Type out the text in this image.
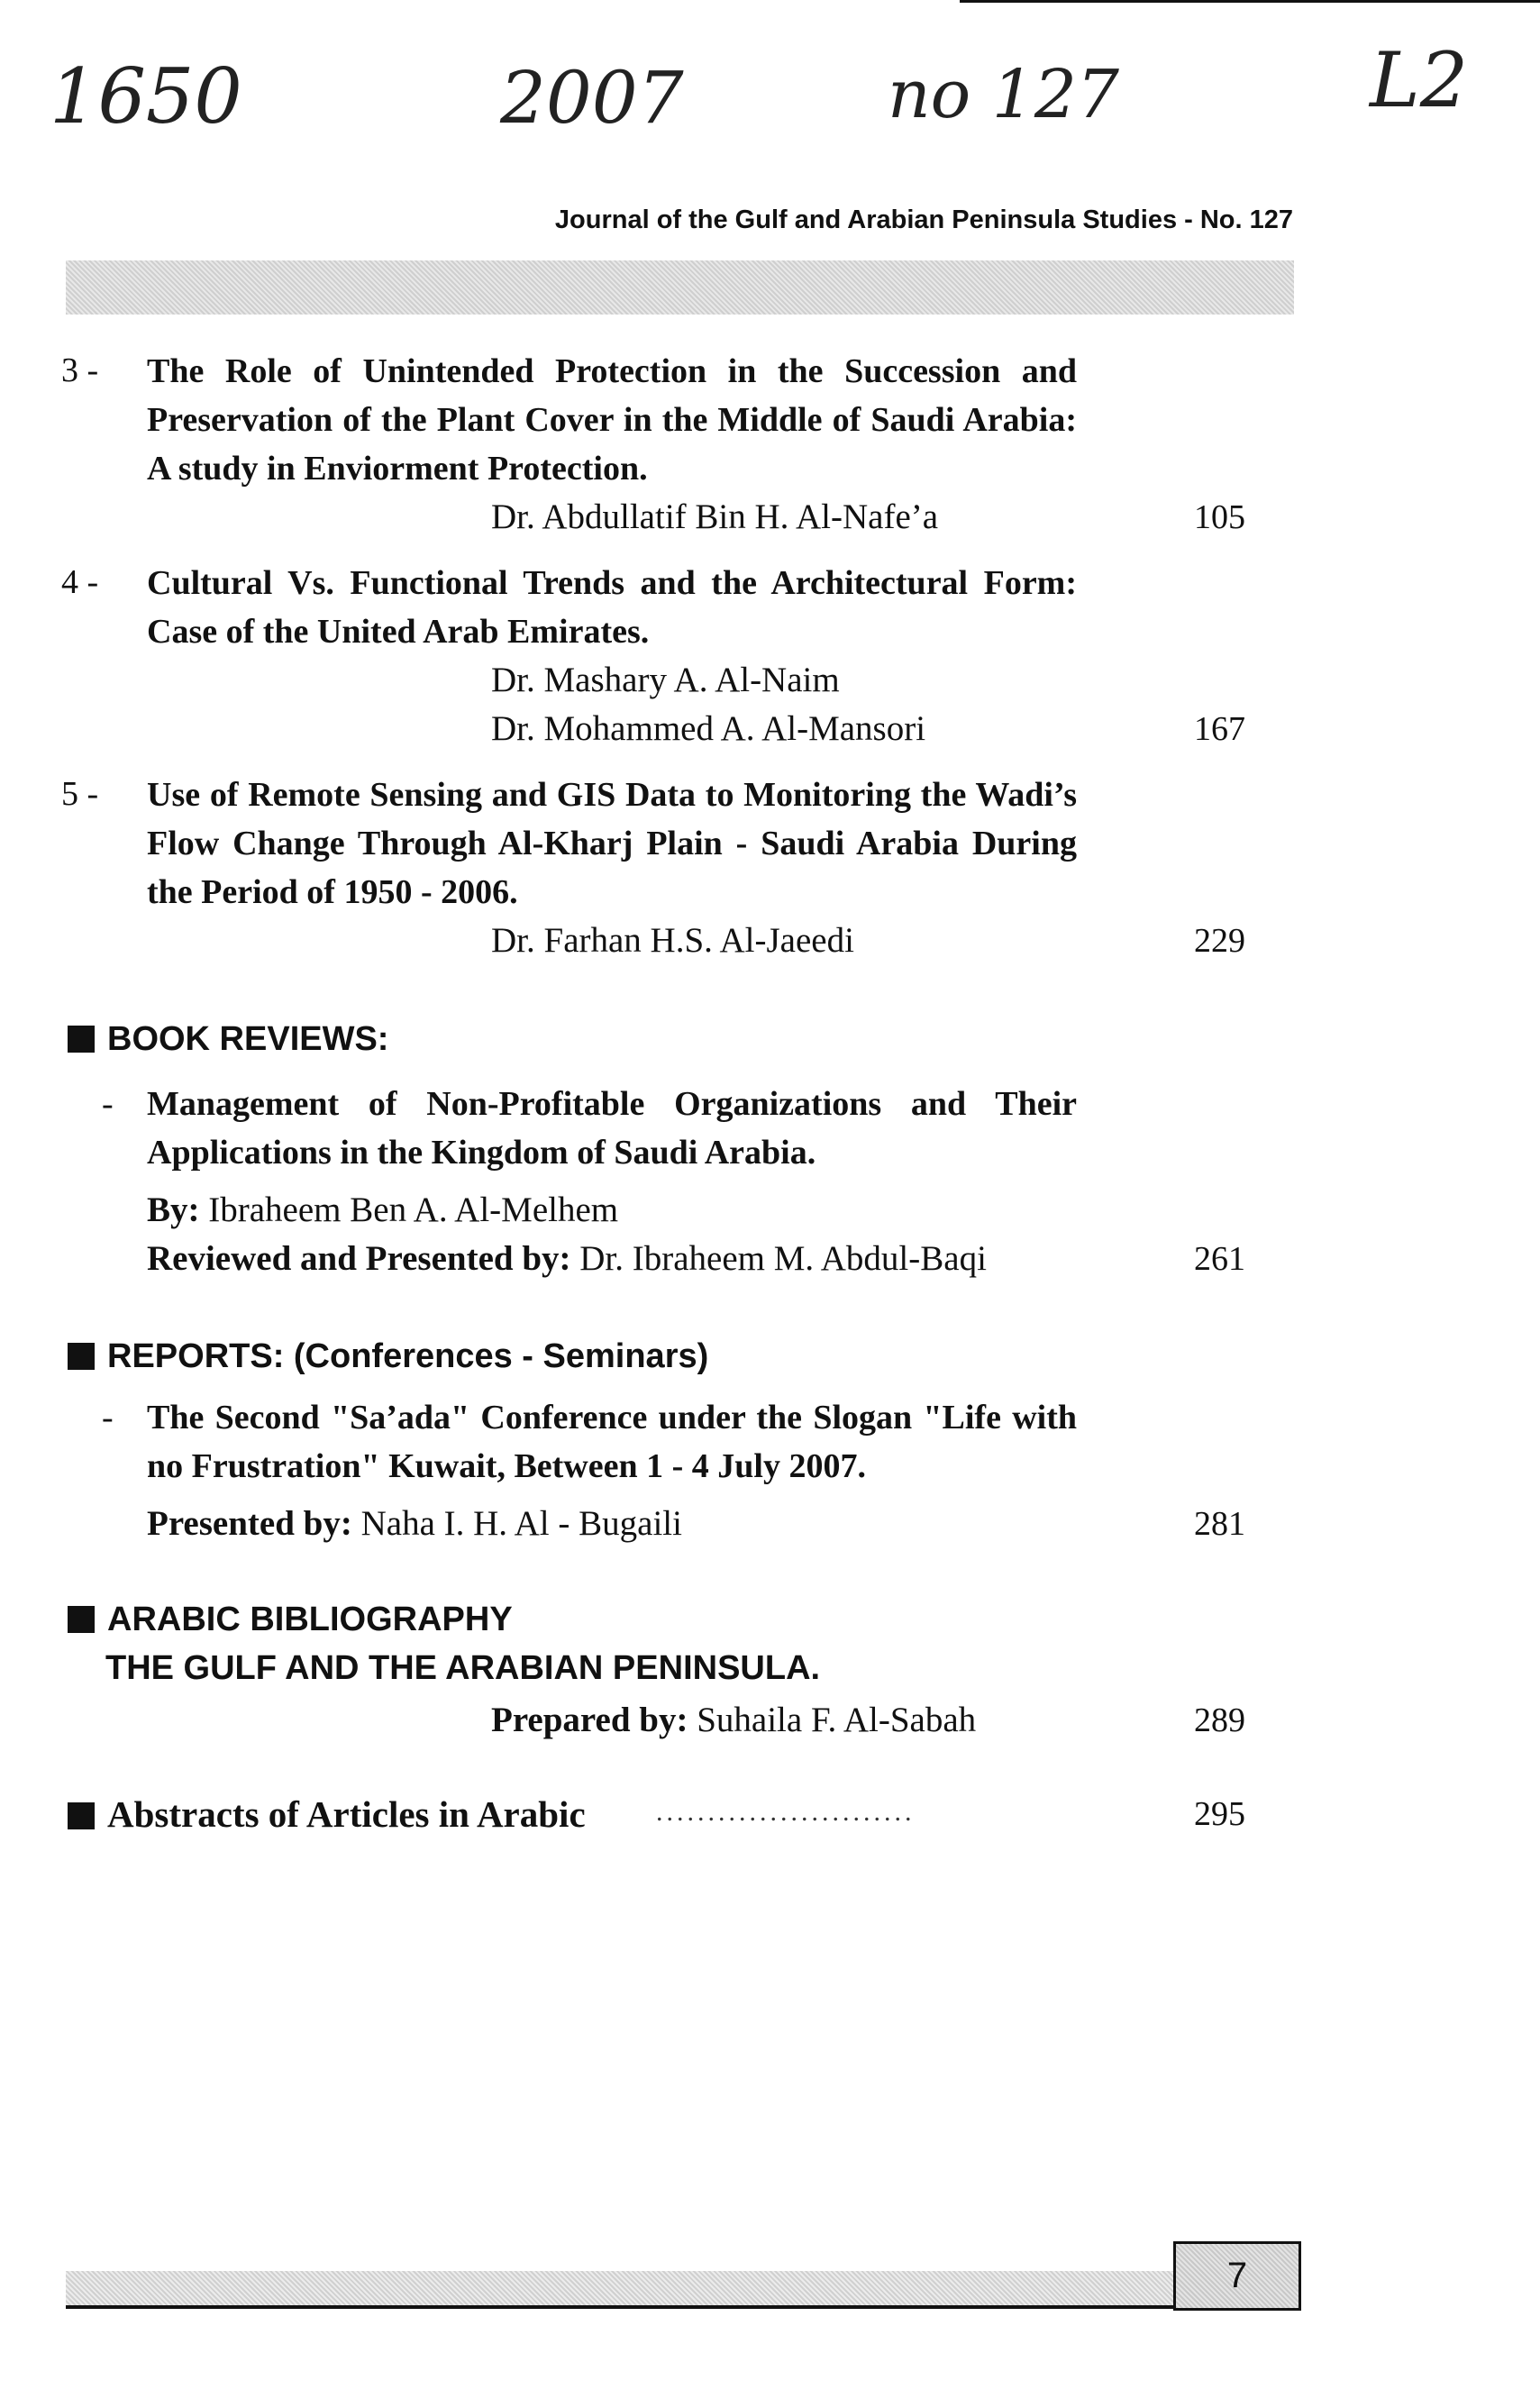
1650	2007	no 127	L2
Journal of the Gulf and Arabian Peninsula Studies - No. 127
3 - The Role of Unintended Protection in the Succession and Preservation of the Plant Cover in the Middle of Saudi Arabia: A study in Enviorment Protection.
Dr. Abdullatif Bin H. Al-Nafe’a	105
4 - Cultural Vs. Functional Trends and the Architectural Form: Case of the United Arab Emirates.
Dr. Mashary A. Al-Naim
Dr. Mohammed A. Al-Mansori	167
5 - Use of Remote Sensing and GIS Data to Monitoring the Wadi’s Flow Change Through Al-Kharj Plain - Saudi Arabia During the Period of 1950 - 2006.
Dr. Farhan H.S. Al-Jaeedi	229
BOOK REVIEWS:
- Management of Non-Profitable Organizations and Their Applications in the Kingdom of Saudi Arabia.
By: Ibraheem Ben A. Al-Melhem
Reviewed and Presented by: Dr. Ibraheem M. Abdul-Baqi	261
REPORTS: (Conferences - Seminars)
- The Second "Sa’ada" Conference under the Slogan "Life with no Frustration" Kuwait, Between 1 - 4 July 2007.
Presented by: Naha I. H. Al - Bugaili	281
ARABIC BIBLIOGRAPHY
THE GULF AND THE ARABIAN PENINSULA.
Prepared by: Suhaila F. Al-Sabah	289
Abstracts of Articles in Arabic	295
.........................
7
